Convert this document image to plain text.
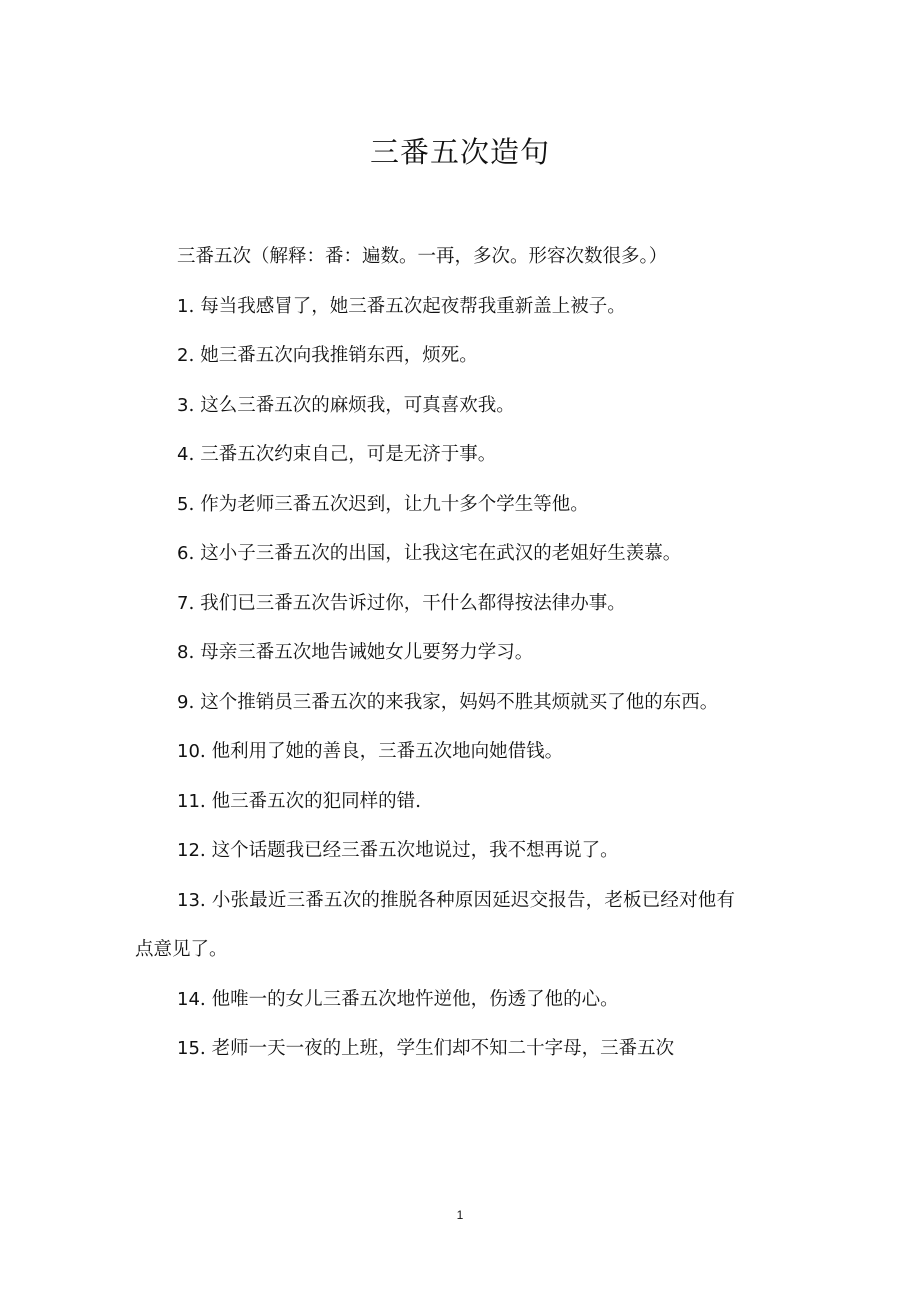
三番五次造句

三番五次（解释：番：遍数。一再，多次。形容次数很多。）

1. 每当我感冒了，她三番五次起夜帮我重新盖上被子。

2. 她三番五次向我推销东西，烦死。

3. 这么三番五次的麻烦我，可真喜欢我。

4. 三番五次约束自己，可是无济于事。

5. 作为老师三番五次迟到，让九十多个学生等他。

6. 这小子三番五次的出国，让我这宅在武汉的老姐好生羡慕。

7. 我们已三番五次告诉过你，干什么都得按法律办事。

8. 母亲三番五次地告诫她女儿要努力学习。

9. 这个推销员三番五次的来我家，妈妈不胜其烦就买了他的东西。

10. 他利用了她的善良，三番五次地向她借钱。

11. 他三番五次的犯同样的错.

12. 这个话题我已经三番五次地说过，我不想再说了。

13. 小张最近三番五次的推脱各种原因延迟交报告，老板已经对他有点意见了。

14. 他唯一的女儿三番五次地忤逆他，伤透了他的心。

15. 老师一天一夜的上班，学生们却不知二十字母，三番五次

1
